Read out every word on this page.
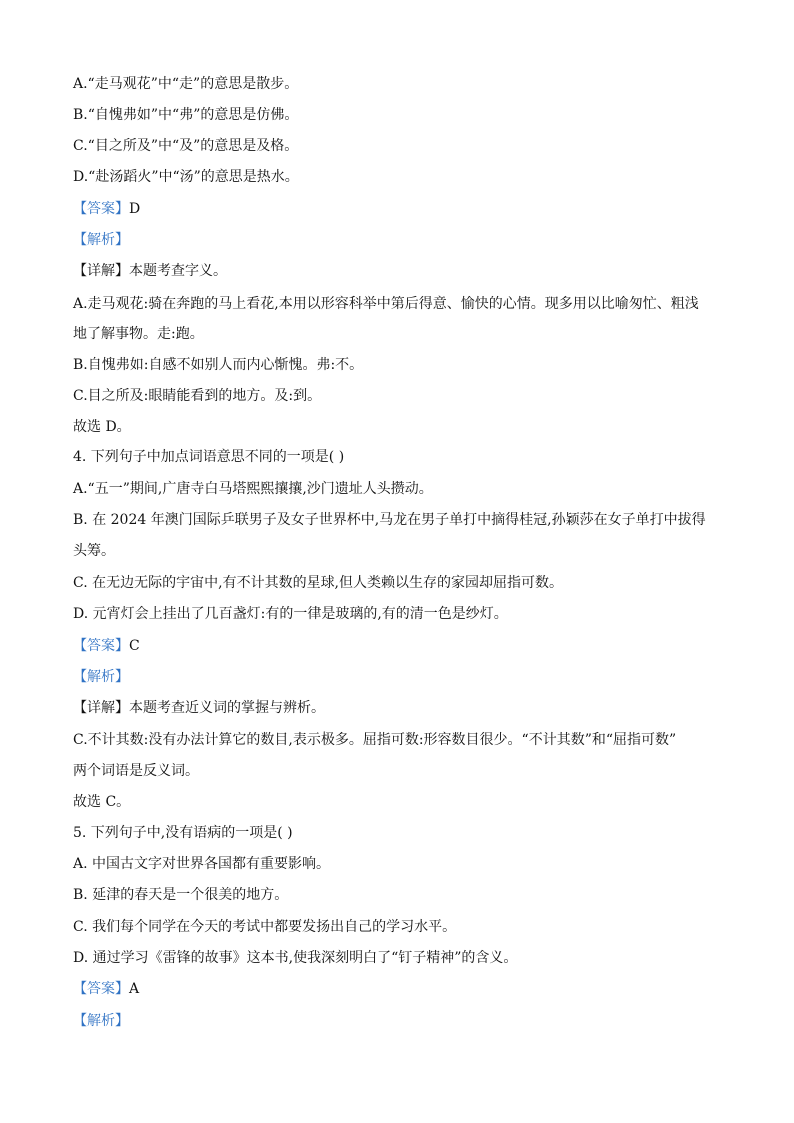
A.“走马观花”中“走”的意思是散步。
B.“自愧弗如”中“弗”的意思是仿佛。
C.“目之所及”中“及”的意思是及格。
D.“赴汤蹈火”中“汤”的意思是热水。
【答案】D
【解析】
【详解】本题考查字义。
A.走马观花:骑在奔跑的马上看花,本用以形容科举中第后得意、愉快的心情。现多用以比喻匆忙、粗浅
地了解事物。走:跑。
B.自愧弗如:自感不如别人而内心惭愧。弗:不。
C.目之所及:眼睛能看到的地方。及:到。
故选 D。
4. 下列句子中加点词语意思不同的一项是( )
A.“五一”期间,广唐寺白马塔熙熙攘攘,沙门遗址人头攒动。
B. 在 2024 年澳门国际乒联男子及女子世界杯中,马龙在男子单打中摘得桂冠,孙颖莎在女子单打中拔得
头筹。
C. 在无边无际的宇宙中,有不计其数的星球,但人类赖以生存的家园却屈指可数。
D. 元宵灯会上挂出了几百盏灯:有的一律是玻璃的,有的清一色是纱灯。
【答案】C
【解析】
【详解】本题考查近义词的掌握与辨析。
C.不计其数:没有办法计算它的数目,表示极多。屈指可数:形容数目很少。“不计其数”和“屈指可数”
两个词语是反义词。
故选 C。
5. 下列句子中,没有语病的一项是( )
A. 中国古文字对世界各国都有重要影响。
B. 延津的春天是一个很美的地方。
C. 我们每个同学在今天的考试中都要发扬出自己的学习水平。
D. 通过学习《雷锋的故事》这本书,使我深刻明白了“钉子精神”的含义。
【答案】A
【解析】
